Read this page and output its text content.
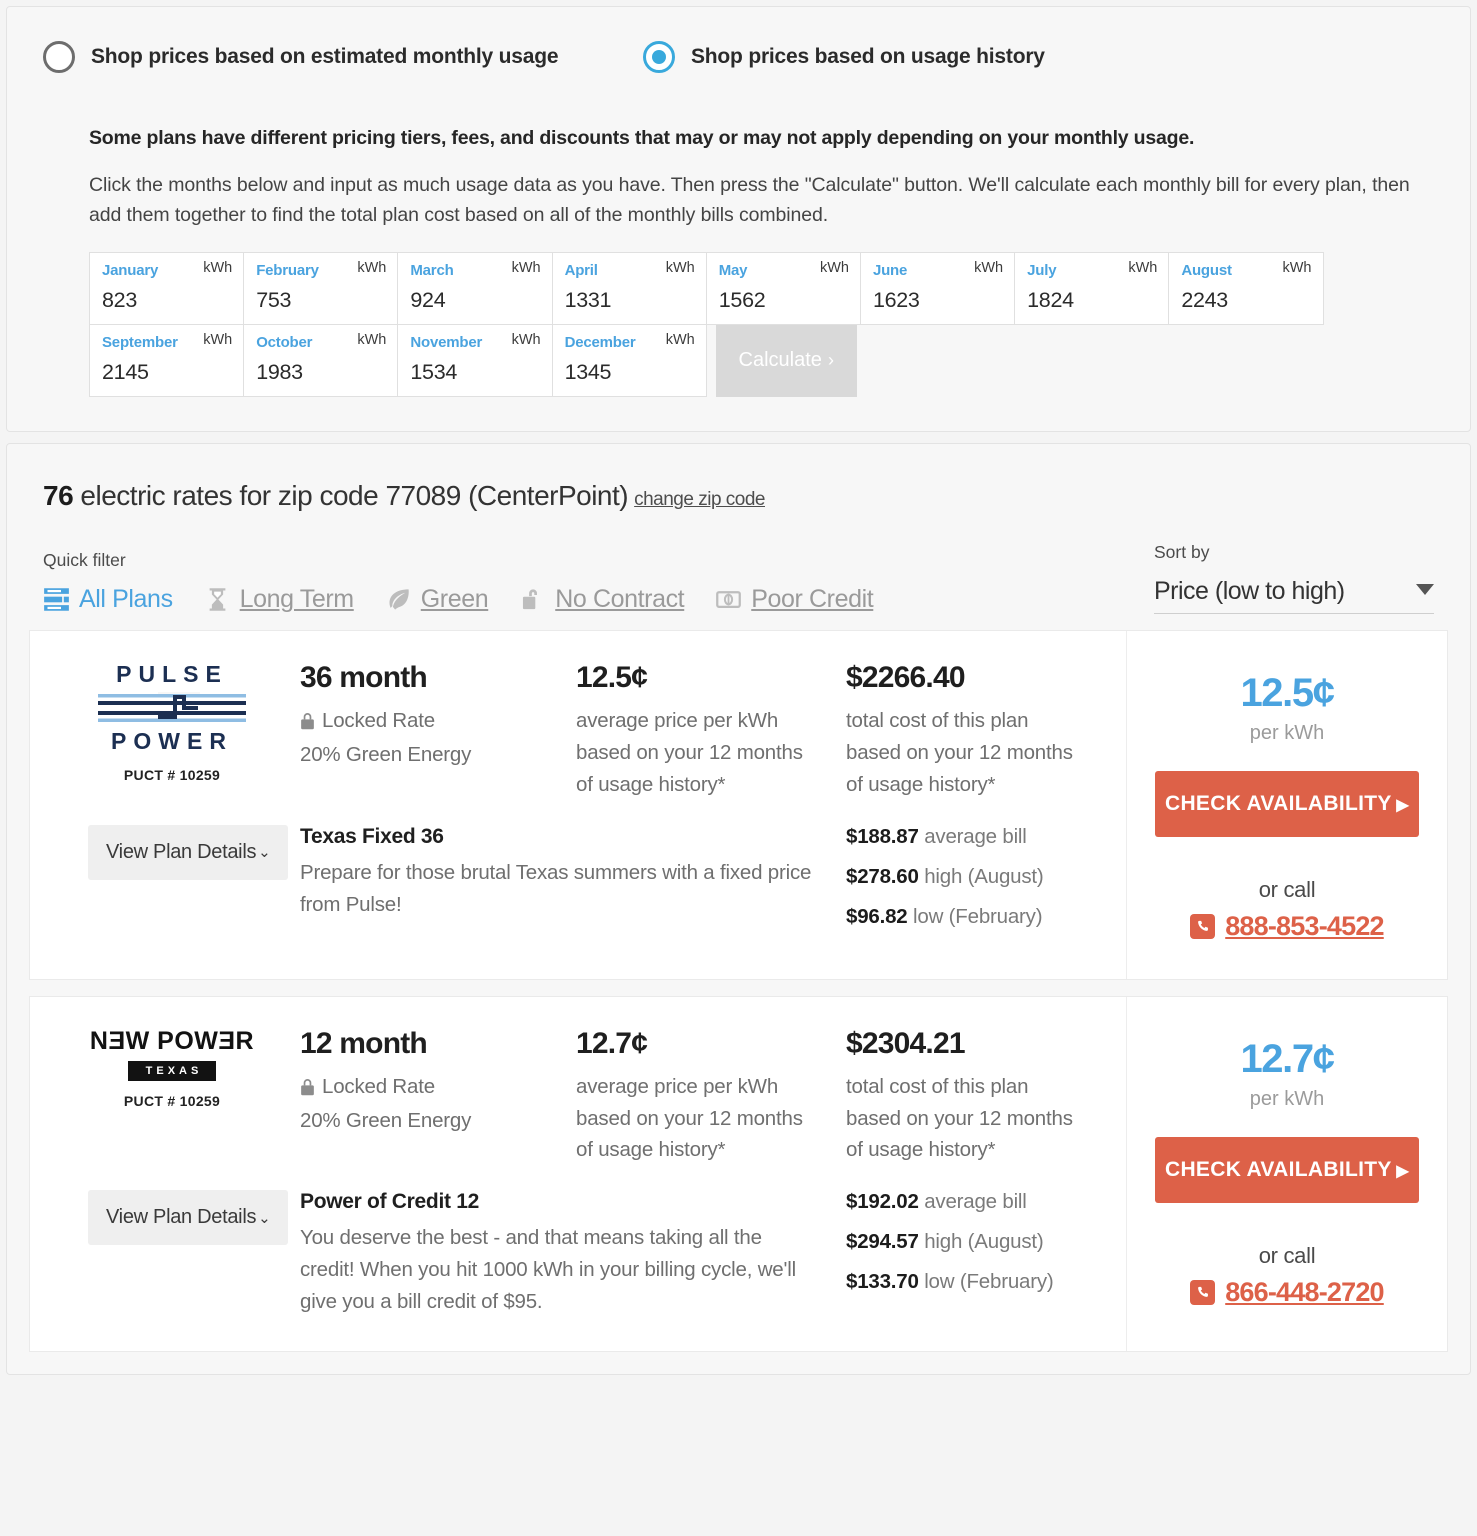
Shop prices based on estimated monthly usage	Shop prices based on usage history
Some plans have different pricing tiers, fees, and discounts that may or may not apply depending on your monthly usage.
Click the months below and input as much usage data as you have. Then press the "Calculate" button. We'll calculate each monthly bill for every plan, then add them together to find the total plan cost based on all of the monthly bills combined.
January	kWh
823
February	kWh
753
March	kWh
924
April	kWh
1331
May	kWh
1562
June	kWh
1623
July	kWh
1824
August	kWh
2243
September	kWh
2145
October	kWh
1983
November	kWh
1534
December	kWh
1345	Calculate ›
76 electric rates for zip code 77089 (CenterPoint) change zip code
Quick filter
All Plans	Long Term	Green	No Contract	Poor Credit
Sort by
Price (low to high)
PULSE
POWER
PUCT # 10259
36 month
Locked Rate
20% Green Energy
12.5¢
average price per kWh based on your 12 months of usage history*
$2266.40
total cost of this plan based on your 12 months of usage history*
View Plan Details ⌄
Texas Fixed 36
Prepare for those brutal Texas summers with a fixed price from Pulse!
$188.87 average bill
$278.60 high (August)
$96.82 low (February)
12.5¢
per kWh
CHECK AVAILABILITY ▶
or call
888-853-4522
NƎW POWƎR
TEXAS
PUCT # 10259
12 month
Locked Rate
20% Green Energy
12.7¢
average price per kWh based on your 12 months of usage history*
$2304.21
total cost of this plan based on your 12 months of usage history*
View Plan Details ⌄
Power of Credit 12
You deserve the best - and that means taking all the credit! When you hit 1000 kWh in your billing cycle, we'll give you a bill credit of $95.
$192.02 average bill
$294.57 high (August)
$133.70 low (February)
12.7¢
per kWh
CHECK AVAILABILITY ▶
or call
866-448-2720
